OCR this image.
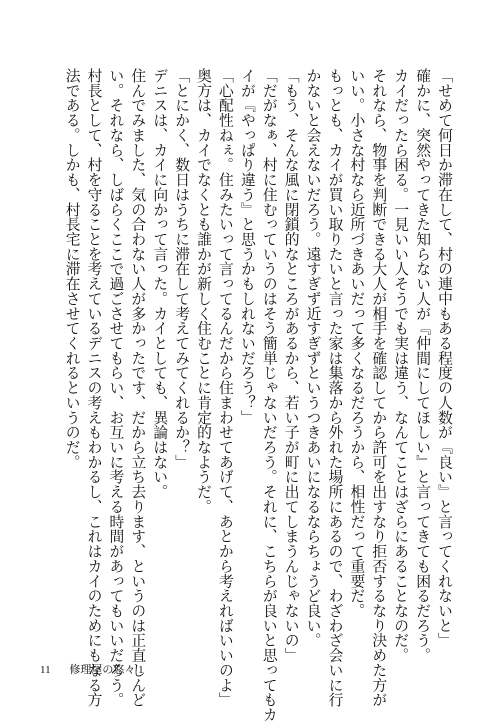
「せめて何日か滞在して、村の連中もある程度の人数が『良い』と言ってくれないと」
確かに、突然やってきた知らない人が『仲間にしてほしい』と言ってきても困るだろう。
カイだったら困る。一見いい人そうでも実は違う、なんてことはざらにあることなのだ。
それなら、物事を判断できる大人が相手を確認してから許可を出すなり拒否するなり決めた方が
いい。小さな村なら近所づきあいだって多くなるだろうから、相性だって重要だ。
もっとも、カイが買い取りたいと言った家は集落から外れた場所にあるので、わざわざ会いに行
かないと会えないだろう。遠すぎず近すぎずというつきあいになるならちょうど良い。
「もう、そんな風に閉鎖的なところがあるから、若い子が町に出てしまうんじゃないの」
「だがなぁ、村に住むっていうのはそう簡単じゃないだろう。それに、こちらが良いと思ってもカ
イが『やっぱり違う』と思うかもしれないだろう？」
「心配性ねぇ。住みたいって言ってるんだから住まわせてあげて、あとから考えればいいのよ」
奥方は、カイでなくとも誰かが新しく住むことに肯定的なようだ。
「とにかく、数日はうちに滞在して考えてみてくれるか？」
デニスは、カイに向かって言った。カイとしても、異論はない。
住んでみました、気の合わない人が多かったです、だから立ち去ります、というのは正直しんど
い。それなら、しばらくここで過ごさせてもらい、お互いに考える時間があってもいいだろう。
村長として、村を守ることを考えているデニスの考えもわかるし、これはカイのためにもなる方
法である。しかも、村長宅に滞在させてくれるというのだ。
11 修理屋の悠々 1
